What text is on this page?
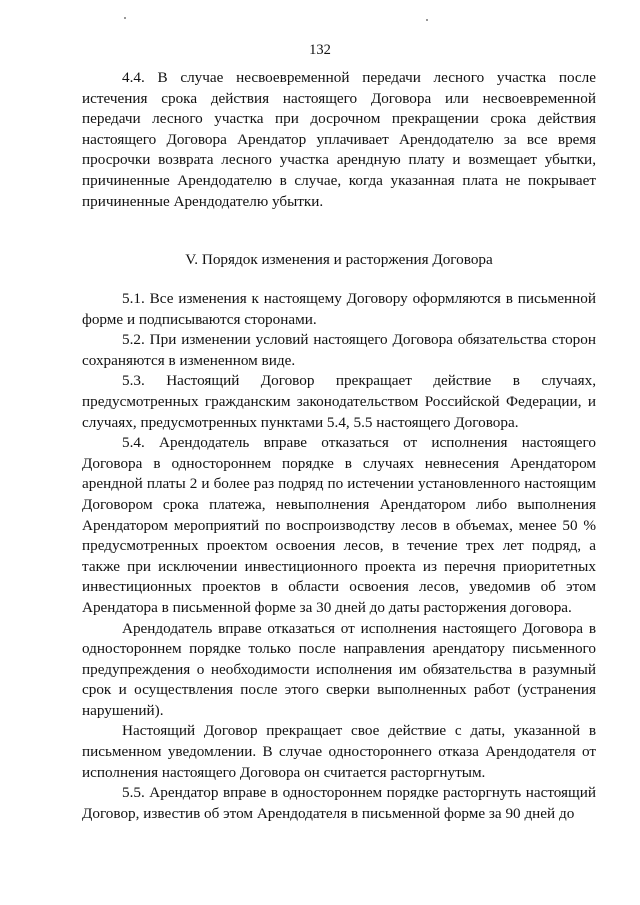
132

4.4. В случае несвоевременной передачи лесного участка после истечения срока действия настоящего Договора или несвоевременной передачи лесного участка при досрочном прекращении срока действия настоящего Договора Арендатор уплачивает Арендодателю за все время просрочки возврата лесного участка арендную плату и возмещает убытки, причиненные Арендодателю в случае, когда указанная плата не покрывает причиненные Арендодателю убытки.

V. Порядок изменения и расторжения Договора

5.1. Все изменения к настоящему Договору оформляются в письменной форме и подписываются сторонами.

5.2. При изменении условий настоящего Договора обязательства сторон сохраняются в измененном виде.

5.3. Настоящий Договор прекращает действие в случаях, предусмотренных гражданским законодательством Российской Федерации, и случаях, предусмотренных пунктами 5.4, 5.5 настоящего Договора.

5.4. Арендодатель вправе отказаться от исполнения настоящего Договора в одностороннем порядке в случаях невнесения Арендатором арендной платы 2 и более раз подряд по истечении установленного настоящим Договором срока платежа, невыполнения Арендатором либо выполнения Арендатором мероприятий по воспроизводству лесов в объемах, менее 50 % предусмотренных проектом освоения лесов, в течение трех лет подряд, а также при исключении инвестиционного проекта из перечня приоритетных инвестиционных проектов в области освоения лесов, уведомив об этом Арендатора в письменной форме за 30 дней до даты расторжения договора.

Арендодатель вправе отказаться от исполнения настоящего Договора в одностороннем порядке только после направления арендатору письменного предупреждения о необходимости исполнения им обязательства в разумный срок и осуществления после этого сверки выполненных работ (устранения нарушений).

Настоящий Договор прекращает свое действие с даты, указанной в письменном уведомлении. В случае одностороннего отказа Арендодателя от исполнения настоящего Договора он считается расторгнутым.

5.5. Арендатор вправе в одностороннем порядке расторгнуть настоящий Договор, известив об этом Арендодателя в письменной форме за 90 дней до
